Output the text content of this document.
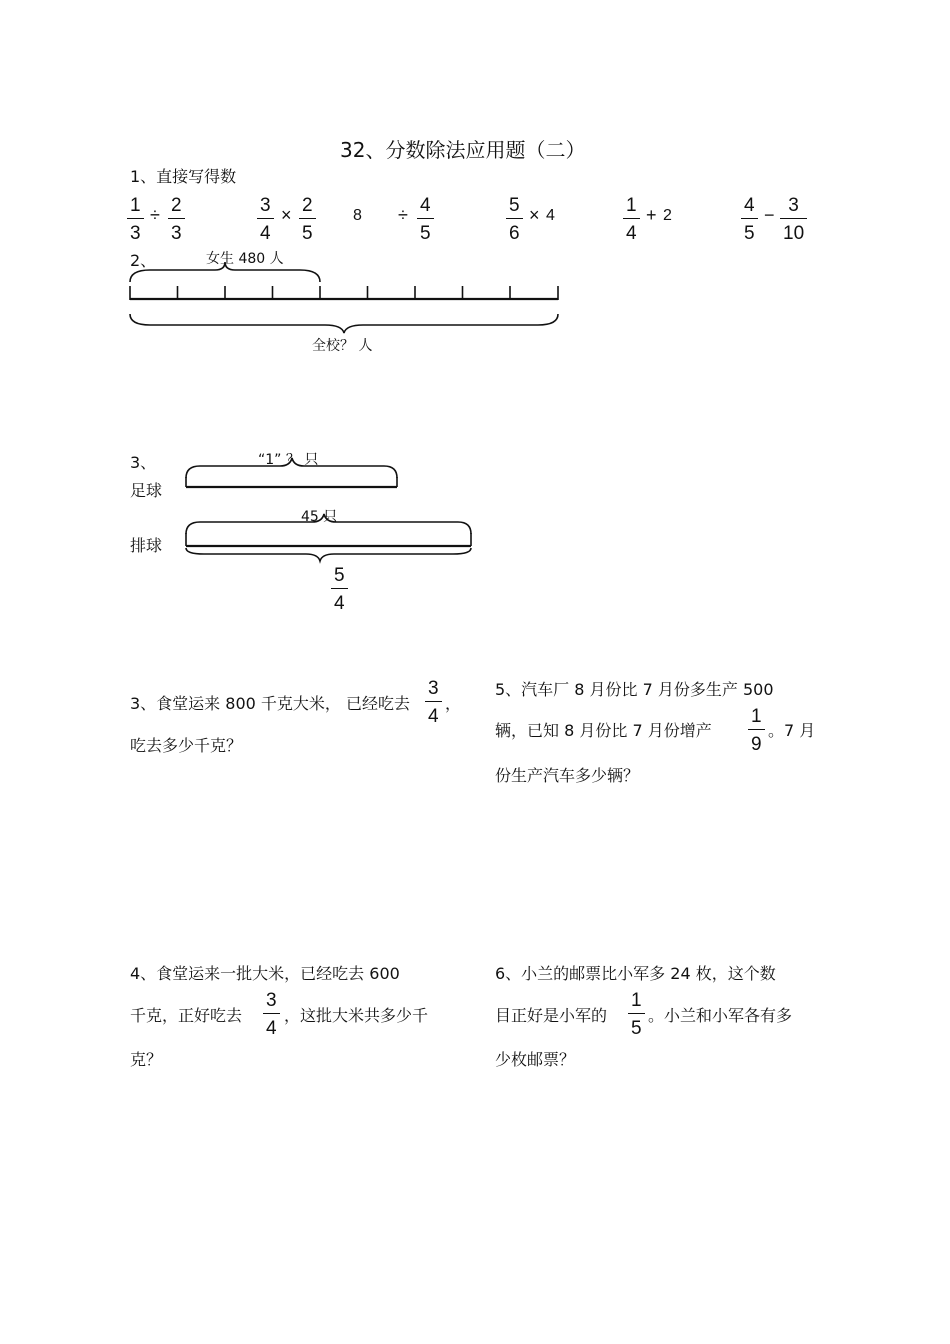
32、分数除法应用题（二）
1、直接写得数
1
3
÷ 2
3
3
4
× 2
5
8 ÷ 4
5
5
6
× 4	1
4
+ 2	4
5
− 3
10
2、	女生 480 人
全校？ 人
3、	“1” ？ 只
足球
45 只
排球
5
4
3、食堂运来 800 千克大米， 已经吃去
3
4
，
吃去多少千克？
5、汽车厂 8 月份比 7 月份多生产 500
辆，已知 8 月份比 7 月份增产
1
9
。7 月
份生产汽车多少辆？
4、食堂运来一批大米，已经吃去 600
千克，正好吃去
3
4
，这批大米共多少千
克？
6、小兰的邮票比小军多 24 枚，这个数
目正好是小军的
1
5
。小兰和小军各有多
少枚邮票？
